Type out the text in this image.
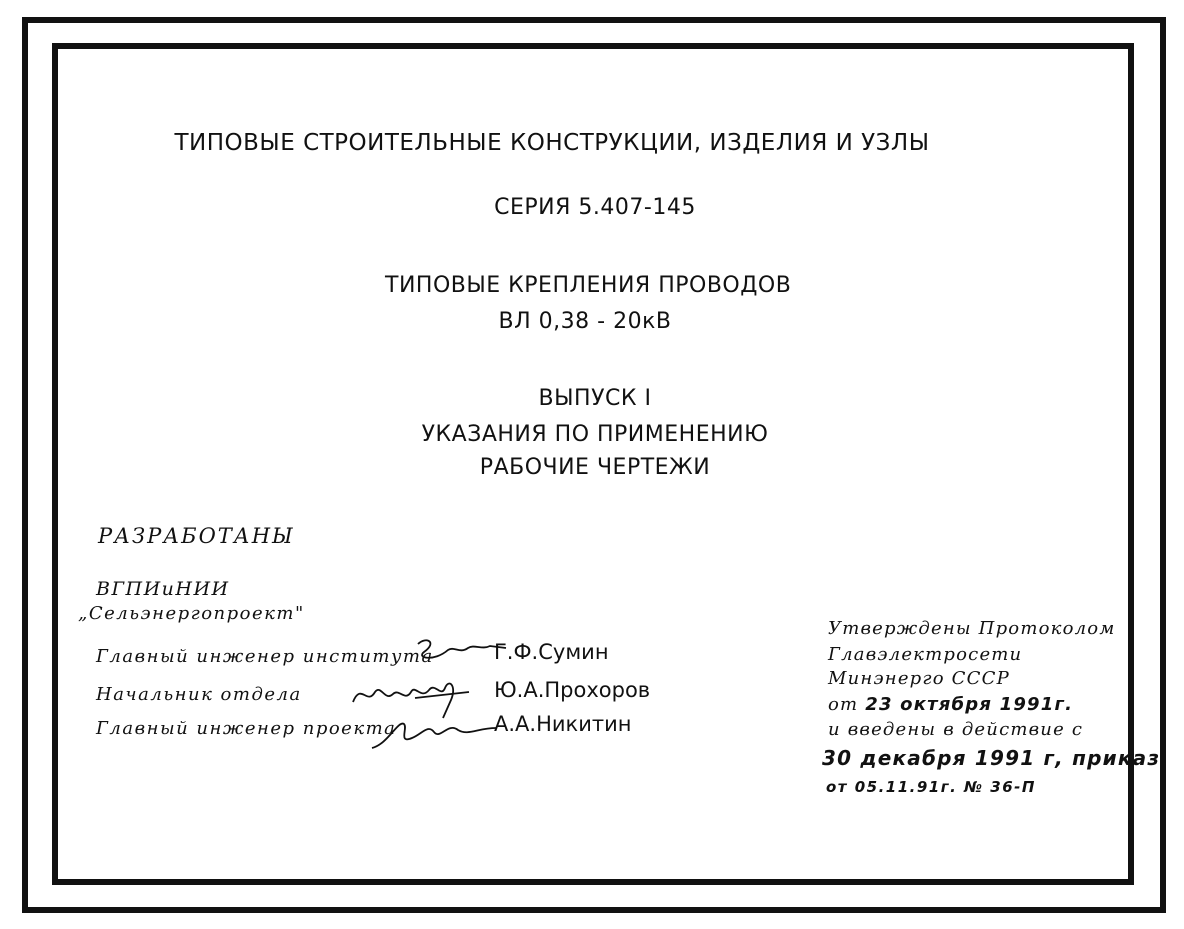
ТИПОВЫЕ СТРОИТЕЛЬНЫЕ КОНСТРУКЦИИ, ИЗДЕЛИЯ И УЗЛЫ
СЕРИЯ 5.407-145
ТИПОВЫЕ КРЕПЛЕНИЯ ПРОВОДОВ
ВЛ 0,38 - 20кВ
ВЫПУСК I
УКАЗАНИЯ ПО ПРИМЕНЕНИЮ
РАБОЧИЕ ЧЕРТЕЖИ
РАЗРАБОТАНЫ
ВГПИиНИИ
„Сельэнергопроект"
Главный инженер института
Начальник отдела
Главный инженер проекта
Г.Ф.Сумин
Ю.А.Прохоров
А.А.Никитин
Утверждены Протоколом
Главэлектросети
Минэнерго СССР
от 23 октября 1991г.
и введены в действие с
30 декабря 1991 г, приказ
от 05.11.91г. № 36-П
